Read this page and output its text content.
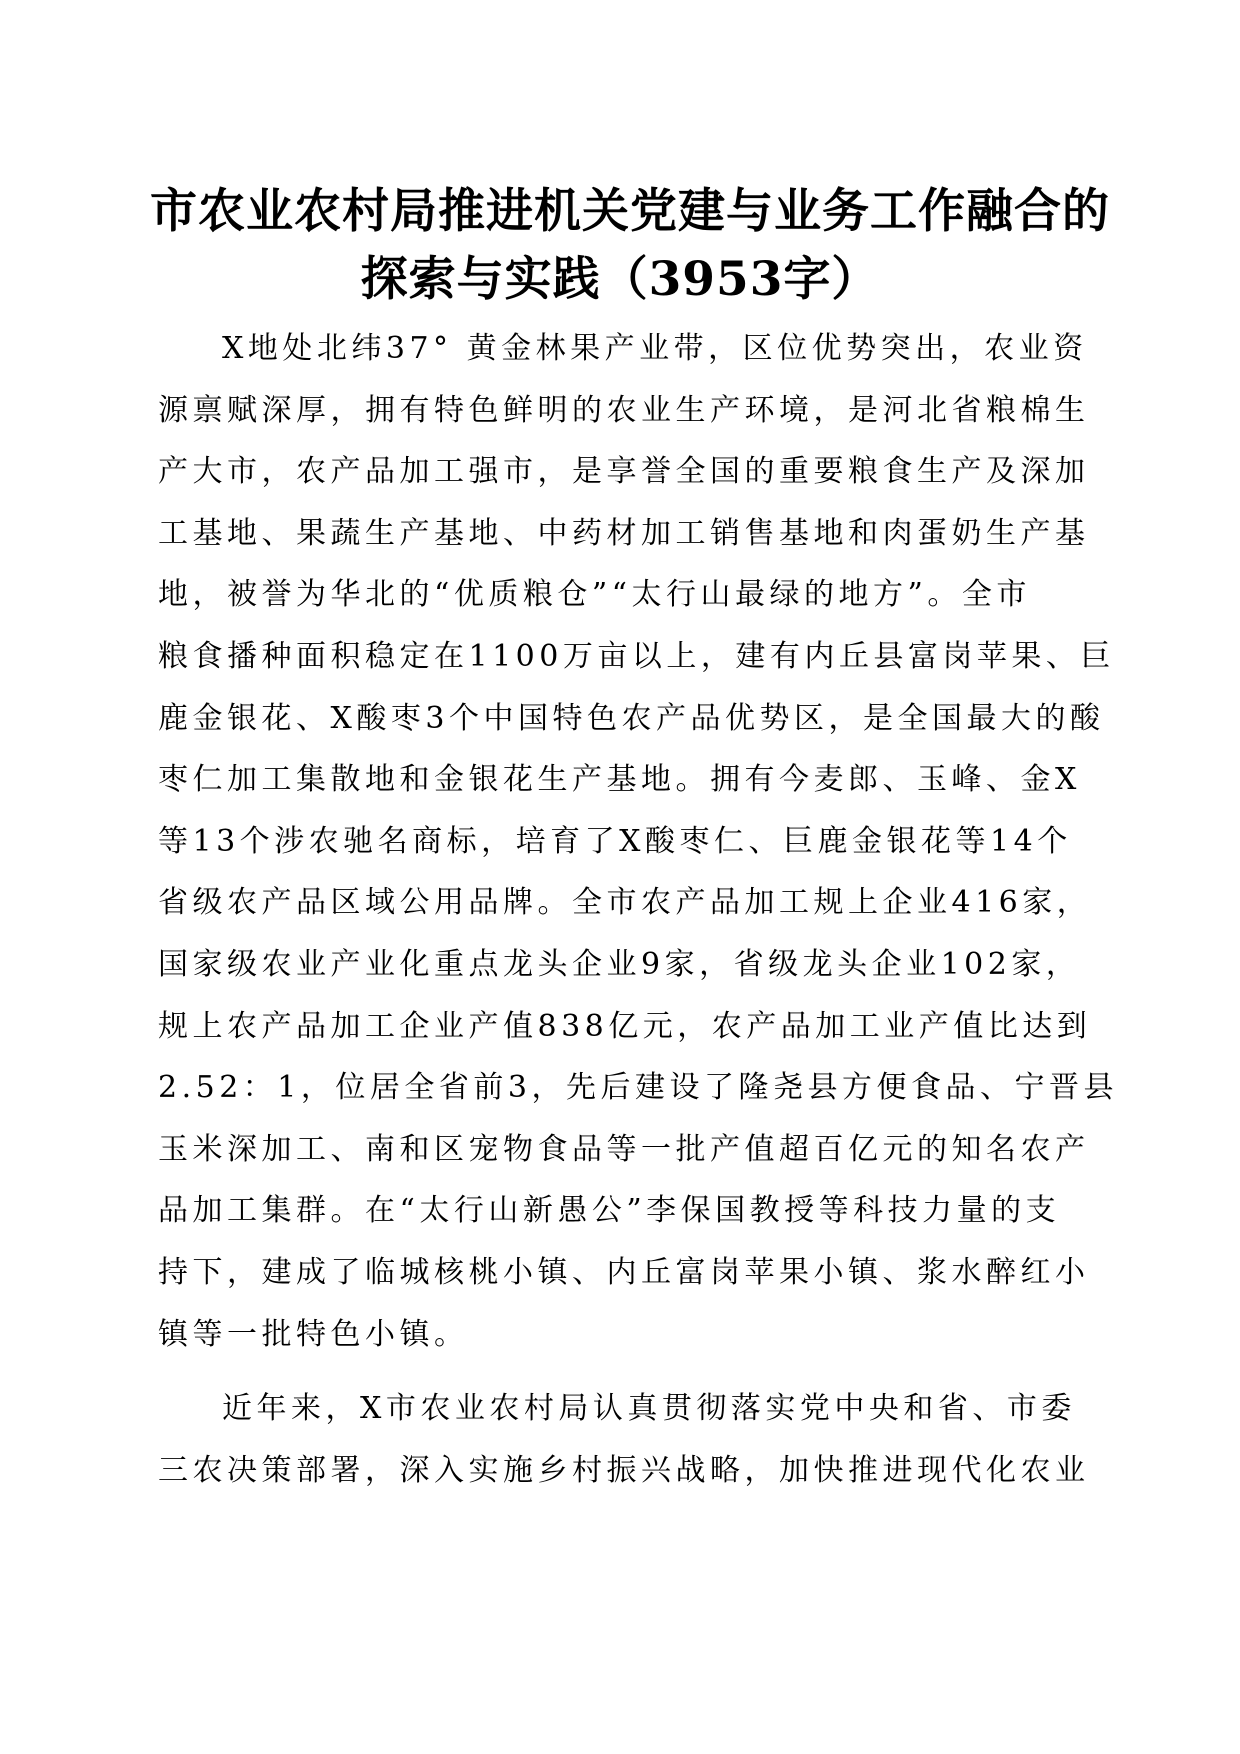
市农业农村局推进机关党建与业务工作融合的
探索与实践（3953字）
X地处北纬37° 黄金林果产业带，区位优势突出，农业资
源禀赋深厚，拥有特色鲜明的农业生产环境，是河北省粮棉生
产大市，农产品加工强市，是享誉全国的重要粮食生产及深加
工基地、果蔬生产基地、中药材加工销售基地和肉蛋奶生产基
地，被誉为华北的“优质粮仓”“太行山最绿的地方”。全市
粮食播种面积稳定在1100万亩以上，建有内丘县富岗苹果、巨
鹿金银花、X酸枣3个中国特色农产品优势区，是全国最大的酸
枣仁加工集散地和金银花生产基地。拥有今麦郎、玉峰、金X
等13个涉农驰名商标，培育了X酸枣仁、巨鹿金银花等14个
省级农产品区域公用品牌。全市农产品加工规上企业416家，
国家级农业产业化重点龙头企业9家，省级龙头企业102家，
规上农产品加工企业产值838亿元，农产品加工业产值比达到
2.52：1，位居全省前3，先后建设了隆尧县方便食品、宁晋县
玉米深加工、南和区宠物食品等一批产值超百亿元的知名农产
品加工集群。在“太行山新愚公”李保国教授等科技力量的支
持下，建成了临城核桃小镇、内丘富岗苹果小镇、浆水醉红小
镇等一批特色小镇。
近年来，X市农业农村局认真贯彻落实党中央和省、市委
三农决策部署，深入实施乡村振兴战略，加快推进现代化农业
